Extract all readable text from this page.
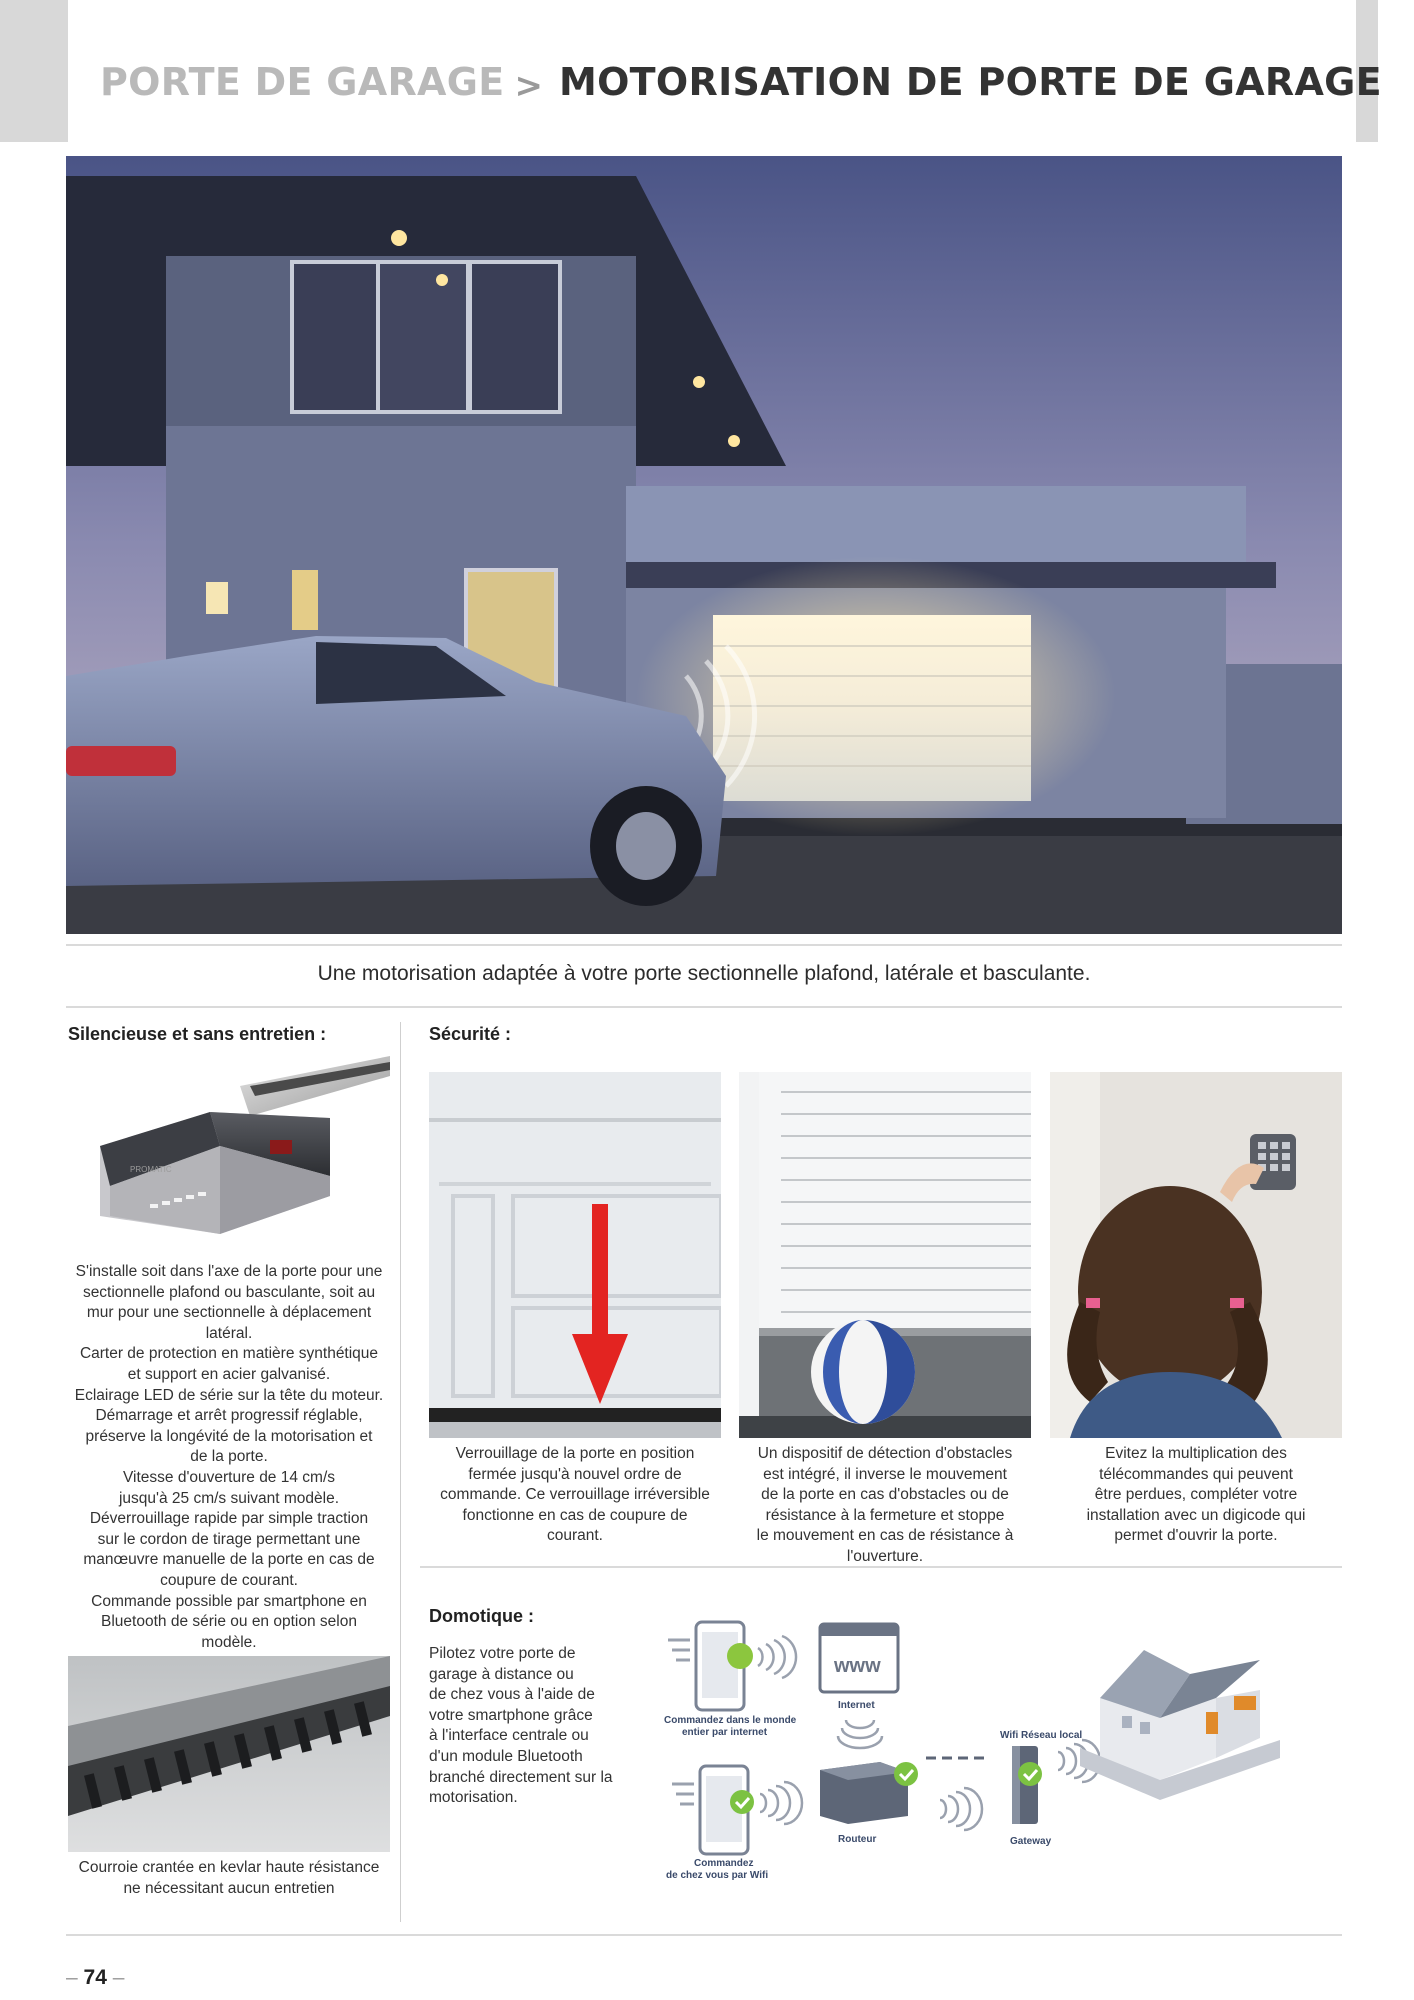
PORTE DE GARAGE > MOTORISATION DE PORTE DE GARAGE
Une motorisation adaptée à votre porte sectionnelle plafond, latérale et basculante.
Silencieuse et sans entretien :
PROMATIC
S'installe soit dans l'axe de la porte pour une
sectionnelle plafond ou basculante, soit au
mur pour une sectionnelle à déplacement
latéral.
Carter de protection en matière synthétique
et support en acier galvanisé.
Eclairage LED de série sur la tête du moteur.
Démarrage et arrêt progressif réglable,
préserve la longévité de la motorisation et
de la porte.
Vitesse d'ouverture de 14 cm/s
jusqu'à 25 cm/s suivant modèle.
Déverrouillage rapide par simple traction
sur le cordon de tirage permettant une
manœuvre manuelle de la porte en cas de
coupure de courant.
Commande possible par smartphone en
Bluetooth de série ou en option selon
modèle.
Courroie crantée en kevlar haute résistance
ne nécessitant aucun entretien
Sécurité :
Verrouillage de la porte en position
fermée jusqu'à nouvel ordre de
commande. Ce verrouillage irréversible
fonctionne en cas de coupure de
courant.
Un dispositif de détection d'obstacles
est intégré, il inverse le mouvement
de la porte en cas d'obstacles ou de
résistance à la fermeture et stoppe
le mouvement en cas de résistance à
l'ouverture.
Evitez la multiplication des
télécommandes qui peuvent
être perdues, compléter votre
installation avec un digicode qui
permet d'ouvrir la porte.
Domotique :
Pilotez votre porte de
garage à distance ou
de chez vous à l'aide de
votre smartphone grâce
à l'interface centrale ou
d'un module Bluetooth
branché directement sur la
motorisation.
Commandez dans le monde
entier par internet
www
Internet
Routeur	Gateway
Wifi Réseau local
Commandez
de chez vous par Wifi
– 74 –
